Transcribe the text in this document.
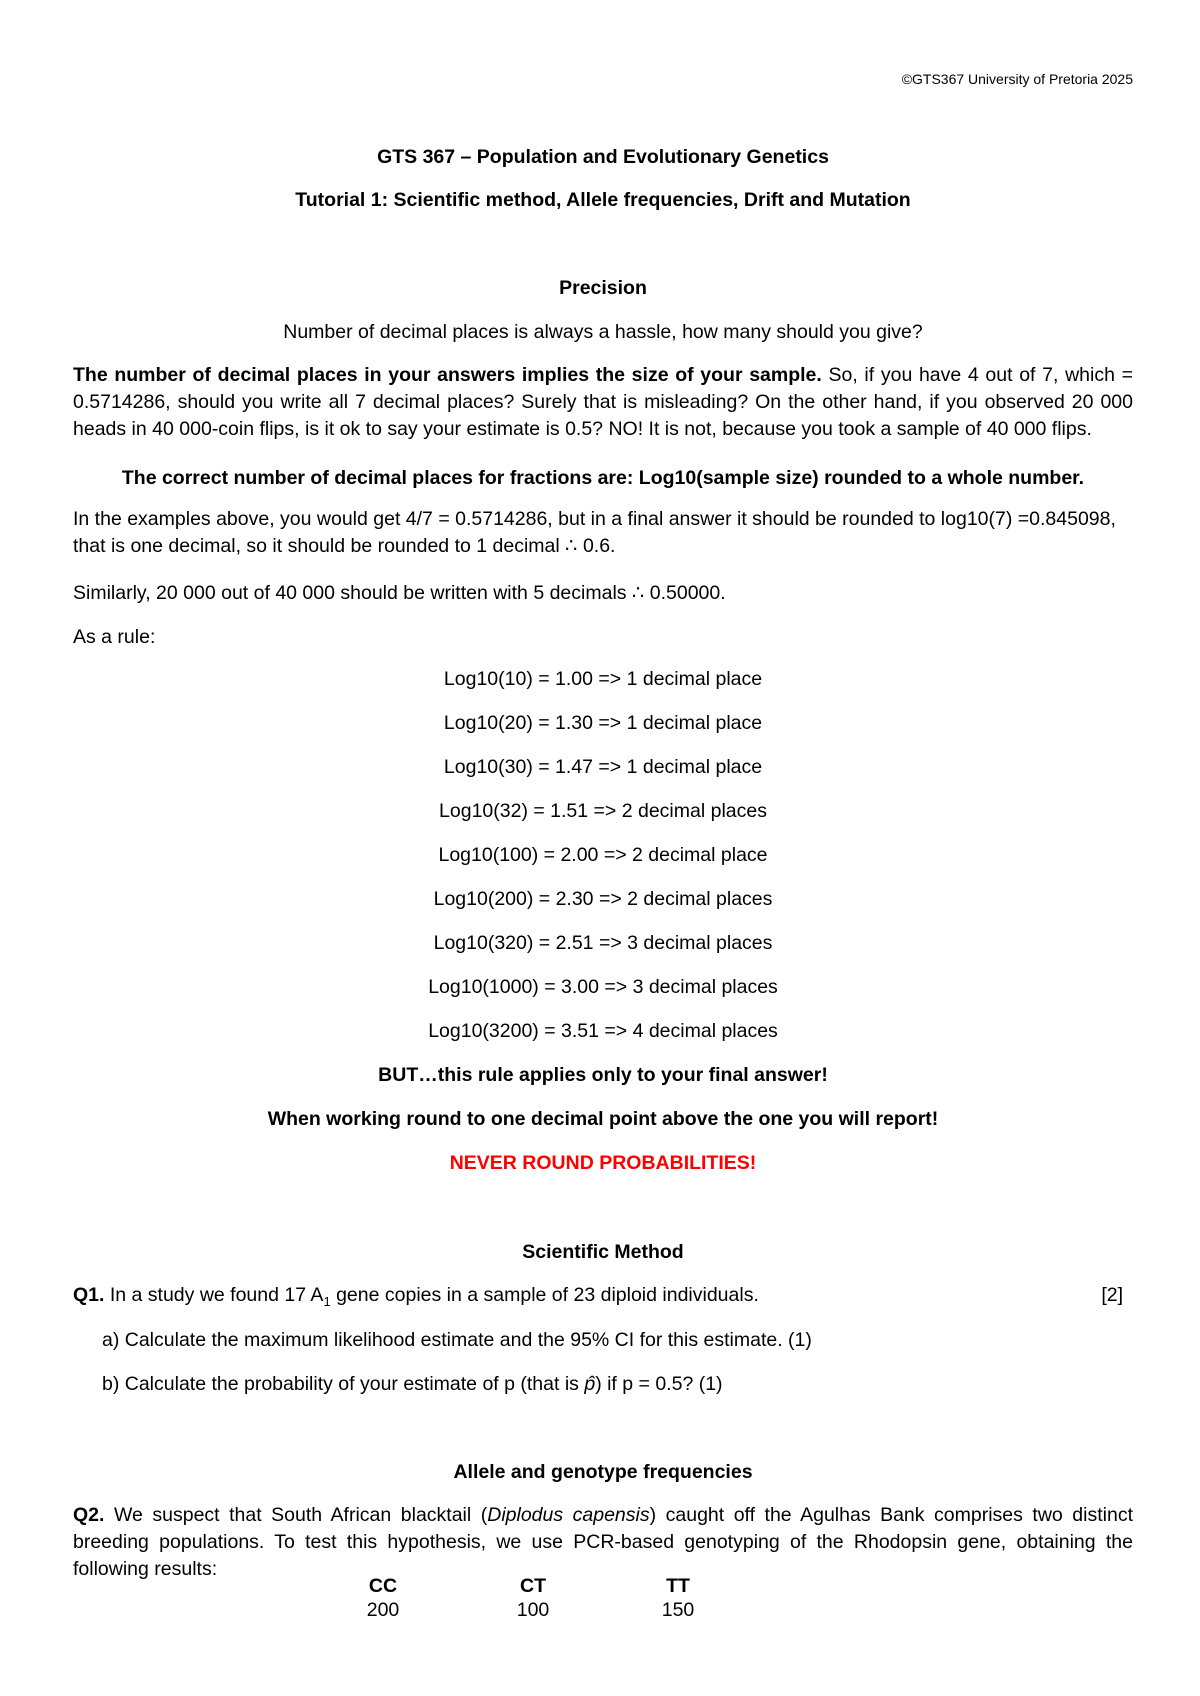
©GTS367 University of Pretoria 2025
GTS 367 – Population and Evolutionary Genetics
Tutorial 1: Scientific method, Allele frequencies, Drift and Mutation
Precision
Number of decimal places is always a hassle, how many should you give?
The number of decimal places in your answers implies the size of your sample. So, if you have 4 out of 7, which = 0.5714286, should you write all 7 decimal places? Surely that is misleading? On the other hand, if you observed 20 000 heads in 40 000-coin flips, is it ok to say your estimate is 0.5? NO! It is not, because you took a sample of 40 000 flips.
The correct number of decimal places for fractions are: Log10(sample size) rounded to a whole number.
In the examples above, you would get 4/7 = 0.5714286, but in a final answer it should be rounded to log10(7) =0.845098, that is one decimal, so it should be rounded to 1 decimal ∴ 0.6.
Similarly, 20 000 out of 40 000 should be written with 5 decimals ∴ 0.50000.
As a rule:
Log10(10) = 1.00 => 1 decimal place
Log10(20) = 1.30 => 1 decimal place
Log10(30) = 1.47 => 1 decimal place
Log10(32) = 1.51 => 2 decimal places
Log10(100) = 2.00 => 2 decimal place
Log10(200) = 2.30 => 2 decimal places
Log10(320) = 2.51 => 3 decimal places
Log10(1000) = 3.00 => 3 decimal places
Log10(3200) = 3.51 => 4 decimal places
BUT…this rule applies only to your final answer!
When working round to one decimal point above the one you will report!
NEVER ROUND PROBABILITIES!
Scientific Method
Q1. In a study we found 17 $A_1$ gene copies in a sample of 23 diploid individuals.	[2]
a) Calculate the maximum likelihood estimate and the 95% CI for this estimate. (1)
b) Calculate the probability of your estimate of p (that is p̂) if p = 0.5? (1)
Allele and genotype frequencies
Q2. We suspect that South African blacktail (Diplodus capensis) caught off the Agulhas Bank comprises two distinct breeding populations. To test this hypothesis, we use PCR-based genotyping of the Rhodopsin gene, obtaining the following results:
CC	CT	TT
200	100	150
